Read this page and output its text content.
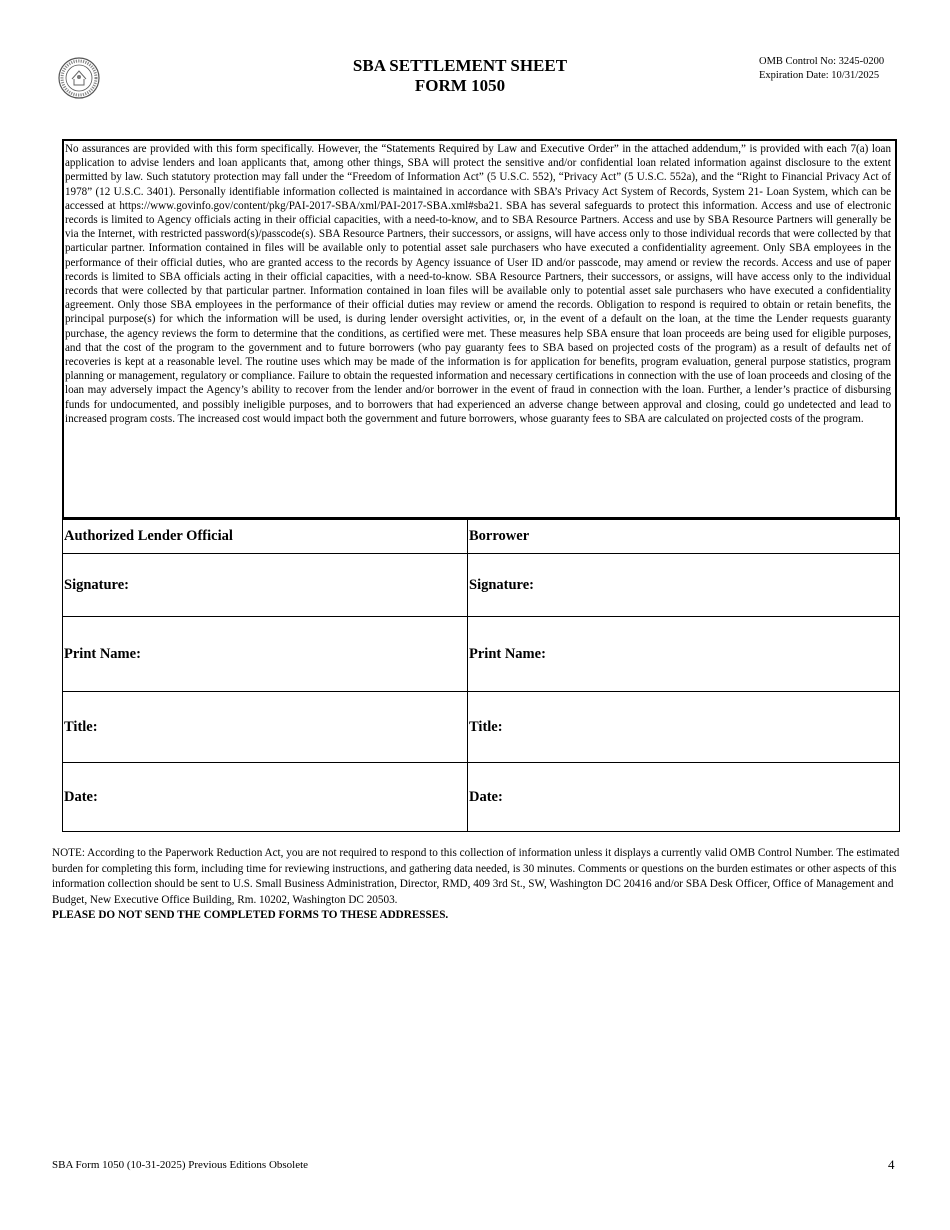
SBA SETTLEMENT SHEET
FORM 1050
OMB Control No: 3245-0200
Expiration Date: 10/31/2025
No assurances are provided with this form specifically. However, the “Statements Required by Law and Executive Order” in the attached addendum,” is provided with each 7(a) loan application to advise lenders and loan applicants that, among other things, SBA will protect the sensitive and/or confidential loan related information against disclosure to the extent permitted by law. Such statutory protection may fall under the “Freedom of Information Act” (5 U.S.C. 552), “Privacy Act” (5 U.S.C. 552a), and the “Right to Financial Privacy Act of 1978” (12 U.S.C. 3401). Personally identifiable information collected is maintained in accordance with SBA’s Privacy Act System of Records, System 21- Loan System, which can be accessed at https://www.govinfo.gov/content/pkg/PAI-2017-SBA/xml/PAI-2017-SBA.xml#sba21. SBA has several safeguards to protect this information. Access and use of electronic records is limited to Agency officials acting in their official capacities, with a need-to-know, and to SBA Resource Partners. Access and use by SBA Resource Partners will generally be via the Internet, with restricted password(s)/passcode(s). SBA Resource Partners, their successors, or assigns, will have access only to those individual records that were collected by that particular partner. Information contained in files will be available only to potential asset sale purchasers who have executed a confidentiality agreement. Only SBA employees in the performance of their official duties, who are granted access to the records by Agency issuance of User ID and/or passcode, may amend or review the records. Access and use of paper records is limited to SBA officials acting in their official capacities, with a need-to-know. SBA Resource Partners, their successors, or assigns, will have access only to the individual records that were collected by that particular partner. Information contained in loan files will be available only to potential asset sale purchasers who have executed a confidentiality agreement. Only those SBA employees in the performance of their official duties may review or amend the records. Obligation to respond is required to obtain or retain benefits, the principal purpose(s) for which the information will be used, is during lender oversight activities, or, in the event of a default on the loan, at the time the Lender requests guaranty purchase, the agency reviews the form to determine that the conditions, as certified were met. These measures help SBA ensure that loan proceeds are being used for eligible purposes, and that the cost of the program to the government and to future borrowers (who pay guaranty fees to SBA based on projected costs of the program) as a result of defaults net of recoveries is kept at a reasonable level. The routine uses which may be made of the information is for application for benefits, program evaluation, general purpose statistics, program planning or management, regulatory or compliance. Failure to obtain the requested information and necessary certifications in connection with the use of loan proceeds and closing of the loan may adversely impact the Agency’s ability to recover from the lender and/or borrower in the event of fraud in connection with the loan. Further, a lender’s practice of disbursing funds for undocumented, and possibly ineligible purposes, and to borrowers that had experienced an adverse change between approval and closing, could go undetected and lead to increased program costs. The increased cost would impact both the government and future borrowers, whose guaranty fees to SBA are calculated on projected costs of the program.
Authorized Lender Official	Borrower
Signature:	Signature:
Print Name:	Print Name:
Title:	Title:
Date:	Date:
NOTE: According to the Paperwork Reduction Act, you are not required to respond to this collection of information unless it displays a currently valid OMB Control Number. The estimated burden for completing this form, including time for reviewing instructions, and gathering data needed, is 30 minutes. Comments or questions on the burden estimates or other aspects of this information collection should be sent to U.S. Small Business Administration, Director, RMD, 409 3rd St., SW, Washington DC 20416 and/or SBA Desk Officer, Office of Management and Budget, New Executive Office Building, Rm. 10202, Washington DC 20503.
PLEASE DO NOT SEND THE COMPLETED FORMS TO THESE ADDRESSES.
SBA Form 1050 (10-31-2025) Previous Editions Obsolete	4
